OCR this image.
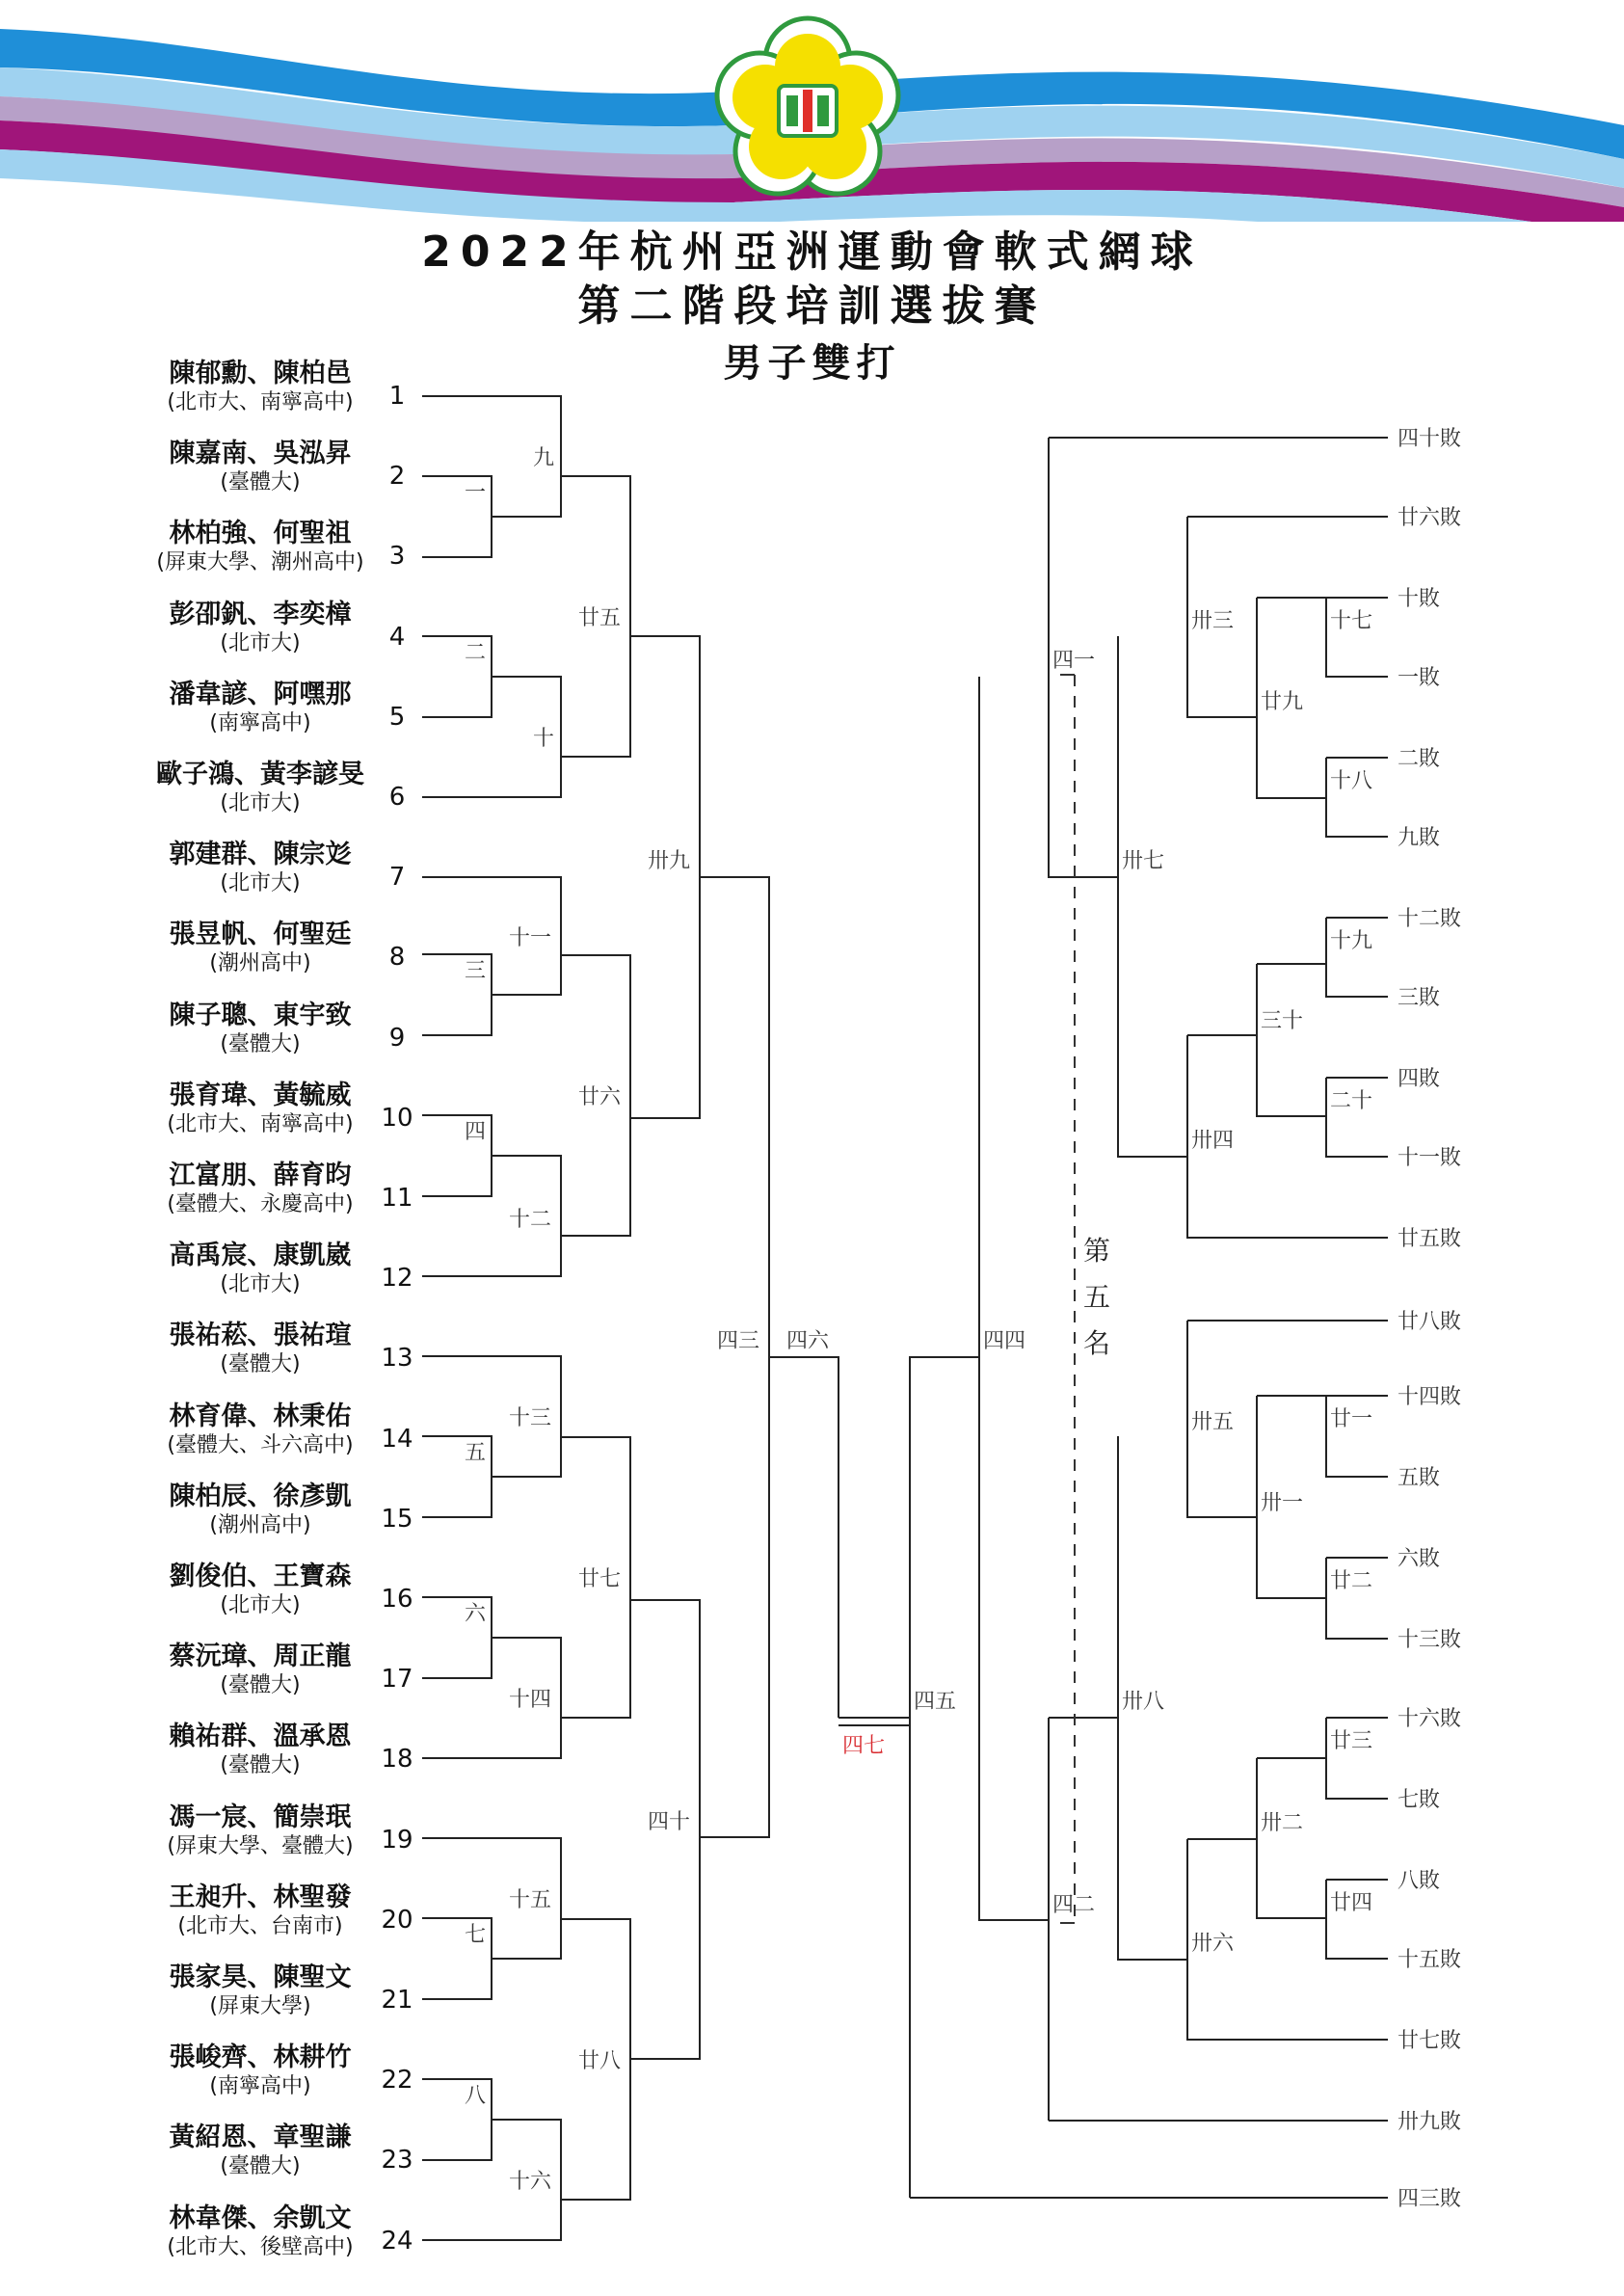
2022年杭州亞洲運動會軟式網球
第二階段培訓選拔賽
男子雙打
一
二
三
四
五
六
七
八
九
十
十一
十二
十三
十四
十五
十六
廿五
廿六
廿七
廿八
卅九
四十
四三 四六
四七
四五
四四
四一
四二
卅七
卅八
卅三
卅四
卅五
卅六
廿九
三十
卅一
卅二
十七
十八
十九
二十
廿一
廿二
廿三
廿四
四十敗
廿六敗
十敗
一敗
二敗
九敗
十二敗
三敗
四敗
十一敗
廿五敗
廿八敗
十四敗
五敗
六敗
十三敗
十六敗
七敗
八敗
十五敗
廿七敗
卅九敗
四三敗
第
五
名
陳郁勳、陳柏邑
(北市大、南寧高中)	1
陳嘉南、吳泓昇
(臺體大)	2
林柏強、何聖祖
(屏東大學、潮州高中)	3
彭卲釩、李奕樟
(北市大)	4
潘韋諺、阿嘿那
(南寧高中)	5
歐子鴻、黃李諺旻
(北市大)	6
郭建群、陳宗彣
(北市大)	7
張昱帆、何聖廷
(潮州高中)	8
陳子聰、東宇致
(臺體大)	9
張育瑋、黃毓威
(北市大、南寧高中)	10
江富朋、薛育昀
(臺體大、永慶高中)	11
高禹宸、康凱崴
(北市大)	12
張祐菘、張祐瑄
(臺體大)	13
林育偉、林秉佑
(臺體大、斗六高中)	14
陳柏辰、徐彥凱
(潮州高中)	15
劉俊伯、王寶森
(北市大)	16
蔡沅璋、周正龍
(臺體大)	17
賴祐群、溫承恩
(臺體大)	18
馮一宸、簡崇珉
(屏東大學、臺體大)	19
王昶升、林聖發
(北市大、台南市)	20
張家昊、陳聖文
(屏東大學)	21
張峻齊、林耕竹
(南寧高中)	22
黃紹恩、章聖謙
(臺體大)	23
林韋傑、余凱文
(北市大、後壁高中)	24
